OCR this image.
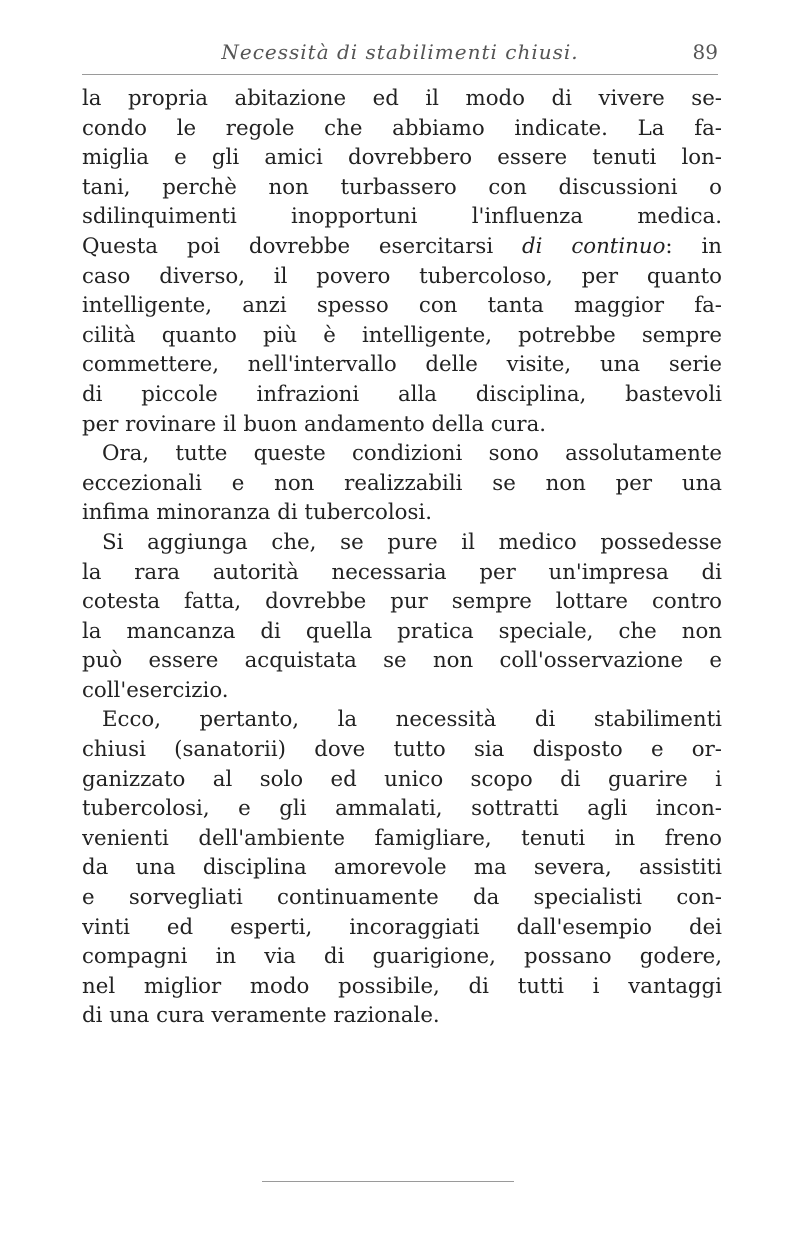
Necessità di stabilimenti chiusi.	89
la propria abitazione ed il modo di vivere se-
condo le regole che abbiamo indicate. La fa-
miglia e gli amici dovrebbero essere tenuti lon-
tani, perchè non turbassero con discussioni o
sdilinquimenti inopportuni l'influenza medica.
Questa poi dovrebbe esercitarsi di continuo: in
caso diverso, il povero tubercoloso, per quanto
intelligente, anzi spesso con tanta maggior fa-
cilità quanto più è intelligente, potrebbe sempre
commettere, nell'intervallo delle visite, una serie
di piccole infrazioni alla disciplina, bastevoli
per rovinare il buon andamento della cura.
Ora, tutte queste condizioni sono assolutamente
eccezionali e non realizzabili se non per una
infima minoranza di tubercolosi.
Si aggiunga che, se pure il medico possedesse
la rara autorità necessaria per un'impresa di
cotesta fatta, dovrebbe pur sempre lottare contro
la mancanza di quella pratica speciale, che non
può essere acquistata se non coll'osservazione e
coll'esercizio.
Ecco, pertanto, la necessità di stabilimenti
chiusi (sanatorii) dove tutto sia disposto e or-
ganizzato al solo ed unico scopo di guarire i
tubercolosi, e gli ammalati, sottratti agli incon-
venienti dell'ambiente famigliare, tenuti in freno
da una disciplina amorevole ma severa, assistiti
e sorvegliati continuamente da specialisti con-
vinti ed esperti, incoraggiati dall'esempio dei
compagni in via di guarigione, possano godere,
nel miglior modo possibile, di tutti i vantaggi
di una cura veramente razionale.
